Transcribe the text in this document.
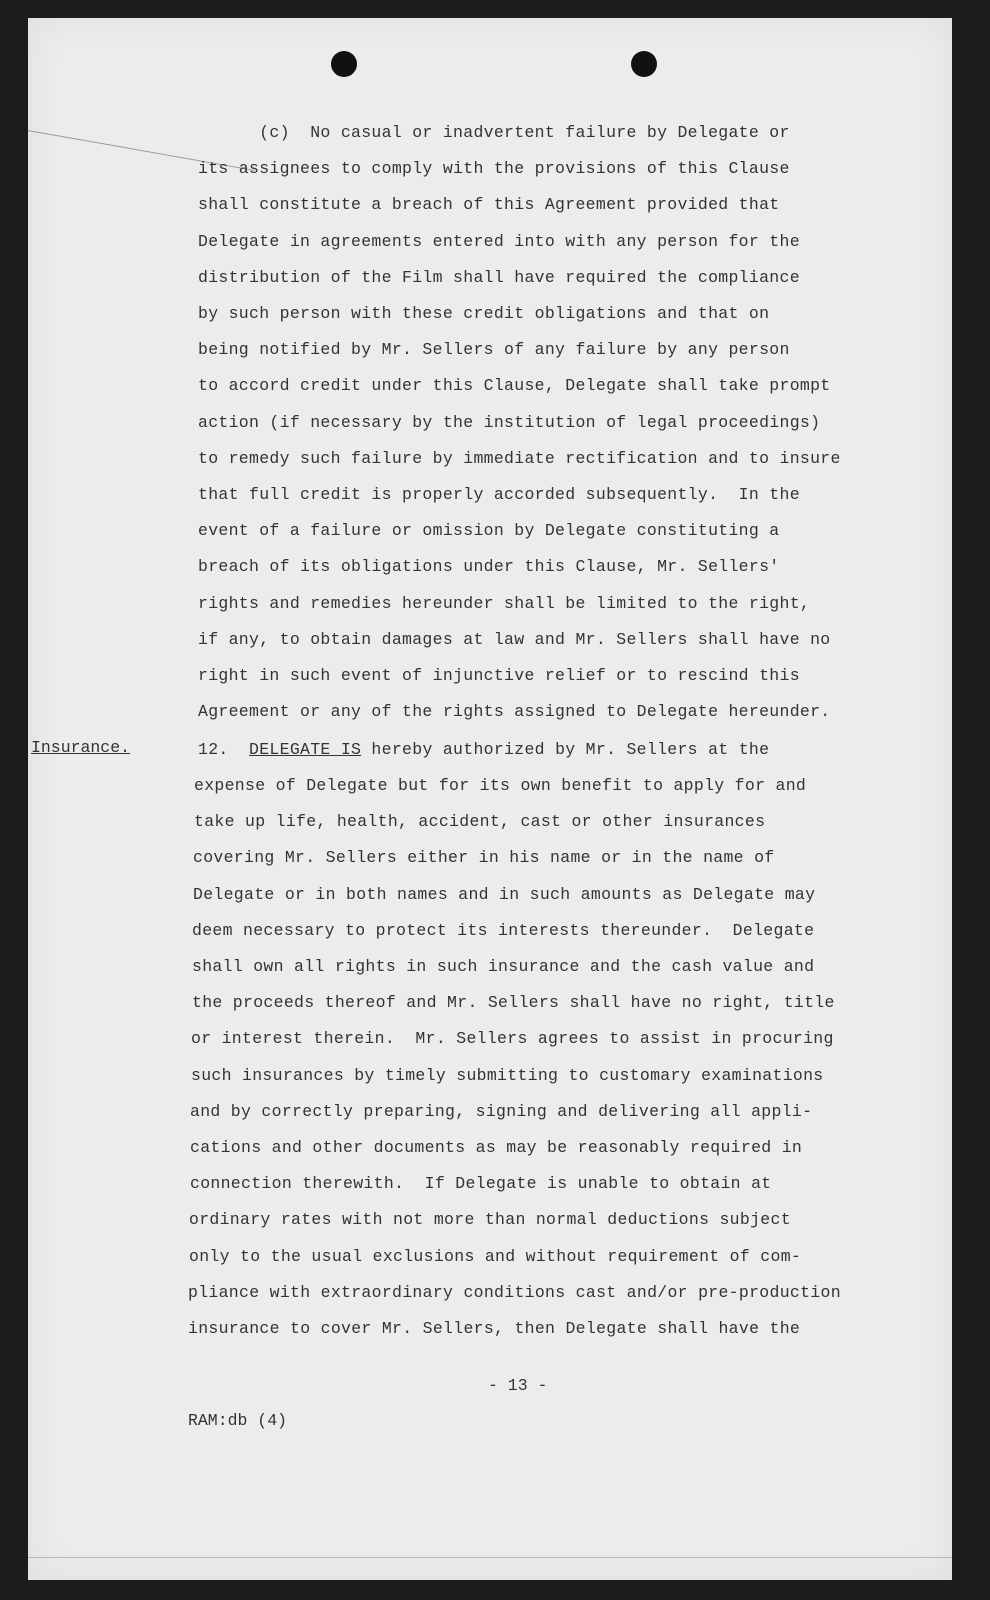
(c)  No casual or inadvertent failure by Delegate or
its assignees to comply with the provisions of this Clause
shall constitute a breach of this Agreement provided that
Delegate in agreements entered into with any person for the
distribution of the Film shall have required the compliance
by such person with these credit obligations and that on
being notified by Mr. Sellers of any failure by any person
to accord credit under this Clause, Delegate shall take prompt
action (if necessary by the institution of legal proceedings)
to remedy such failure by immediate rectification and to insure
that full credit is properly accorded subsequently.  In the
event of a failure or omission by Delegate constituting a
breach of its obligations under this Clause, Mr. Sellers'
rights and remedies hereunder shall be limited to the right,
if any, to obtain damages at law and Mr. Sellers shall have no
right in such event of injunctive relief or to rescind this
Agreement or any of the rights assigned to Delegate hereunder.
Insurance.	12. DELEGATE IS hereby authorized by Mr. Sellers at the
expense of Delegate but for its own benefit to apply for and
take up life, health, accident, cast or other insurances
covering Mr. Sellers either in his name or in the name of
Delegate or in both names and in such amounts as Delegate may
deem necessary to protect its interests thereunder.  Delegate
shall own all rights in such insurance and the cash value and
the proceeds thereof and Mr. Sellers shall have no right, title
or interest therein.  Mr. Sellers agrees to assist in procuring
such insurances by timely submitting to customary examinations
and by correctly preparing, signing and delivering all appli-
cations and other documents as may be reasonably required in
connection therewith.  If Delegate is unable to obtain at
ordinary rates with not more than normal deductions subject
only to the usual exclusions and without requirement of com-
pliance with extraordinary conditions cast and/or pre-production
insurance to cover Mr. Sellers, then Delegate shall have the
- 13 -
RAM:db (4)
